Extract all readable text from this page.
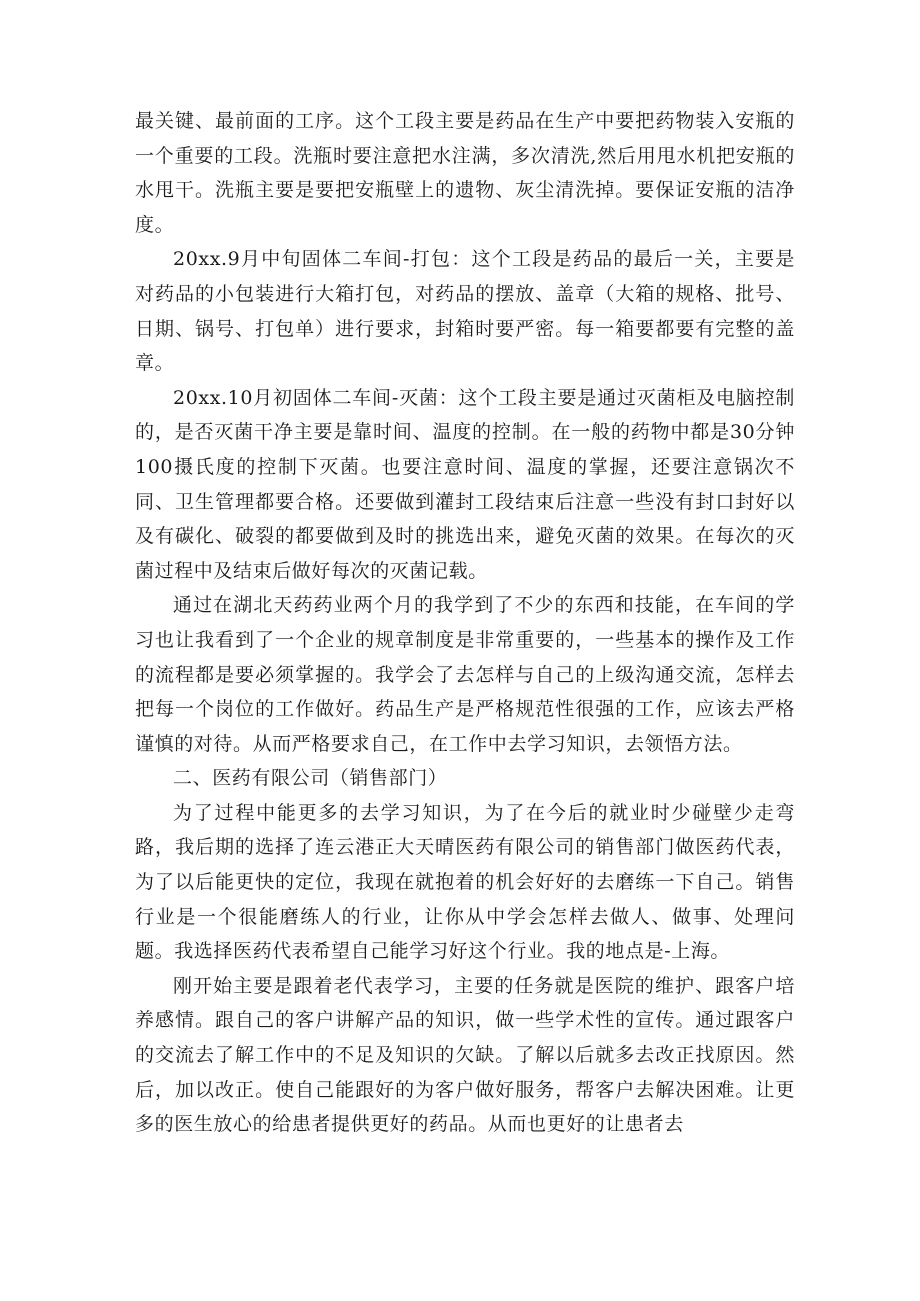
最关键、最前面的工序。这个工段主要是药品在生产中要把药物装入安瓶的一个重要的工段。洗瓶时要注意把水注满，多次清洗,然后用甩水机把安瓶的水甩干。洗瓶主要是要把安瓶壁上的遗物、灰尘清洗掉。要保证安瓶的洁净度。

20xx.9月中旬固体二车间-打包：这个工段是药品的最后一关，主要是对药品的小包装进行大箱打包，对药品的摆放、盖章（大箱的规格、批号、日期、锅号、打包单）进行要求，封箱时要严密。每一箱要都要有完整的盖章。

20xx.10月初固体二车间-灭菌：这个工段主要是通过灭菌柜及电脑控制的，是否灭菌干净主要是靠时间、温度的控制。在一般的药物中都是30分钟100摄氏度的控制下灭菌。也要注意时间、温度的掌握，还要注意锅次不同、卫生管理都要合格。还要做到灌封工段结束后注意一些没有封口封好以及有碳化、破裂的都要做到及时的挑选出来，避免灭菌的效果。在每次的灭菌过程中及结束后做好每次的灭菌记载。

通过在湖北天药药业两个月的我学到了不少的东西和技能，在车间的学习也让我看到了一个企业的规章制度是非常重要的，一些基本的操作及工作的流程都是要必须掌握的。我学会了去怎样与自己的上级沟通交流，怎样去把每一个岗位的工作做好。药品生产是严格规范性很强的工作，应该去严格谨慎的对待。从而严格要求自己，在工作中去学习知识，去领悟方法。

二、医药有限公司（销售部门）

为了过程中能更多的去学习知识，为了在今后的就业时少碰壁少走弯路，我后期的选择了连云港正大天晴医药有限公司的销售部门做医药代表，为了以后能更快的定位，我现在就抱着的机会好好的去磨练一下自己。销售行业是一个很能磨练人的行业，让你从中学会怎样去做人、做事、处理问题。我选择医药代表希望自己能学习好这个行业。我的地点是-上海。

刚开始主要是跟着老代表学习，主要的任务就是医院的维护、跟客户培养感情。跟自己的客户讲解产品的知识，做一些学术性的宣传。通过跟客户的交流去了解工作中的不足及知识的欠缺。了解以后就多去改正找原因。然后，加以改正。使自己能跟好的为客户做好服务，帮客户去解决困难。让更多的医生放心的给患者提供更好的药品。从而也更好的让患者去
